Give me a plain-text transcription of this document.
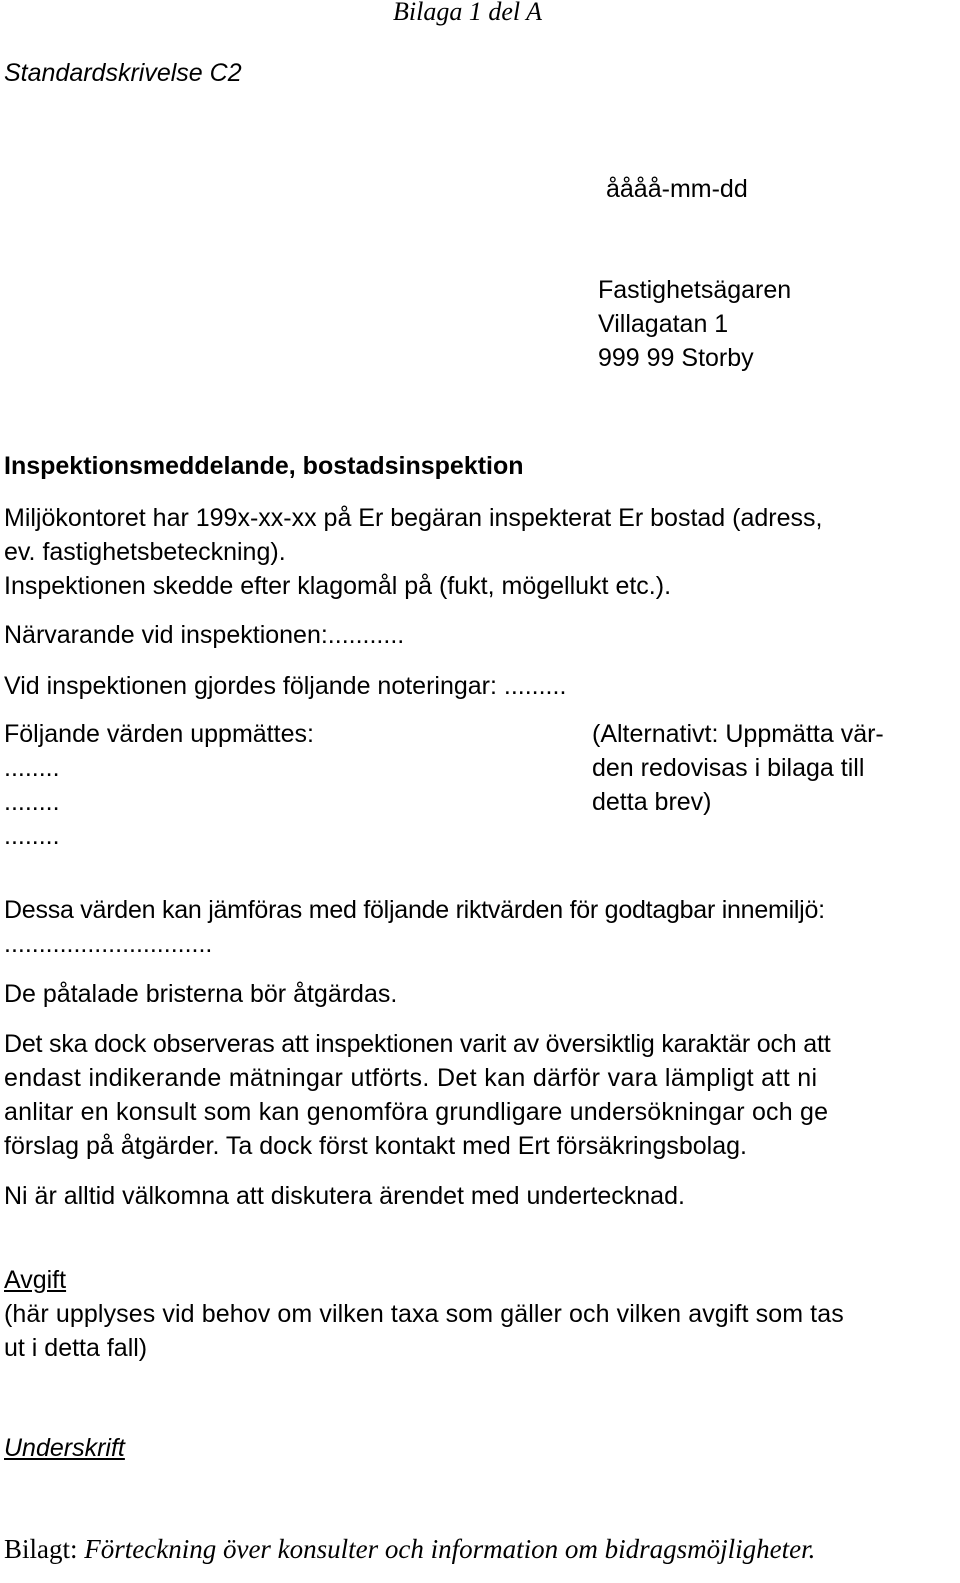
Bilaga 1 del A
Standardskrivelse C2
åååå-mm-dd
Fastighetsägaren
Villagatan 1
999 99 Storby
Inspektionsmeddelande, bostadsinspektion
Miljökontoret har 199x-xx-xx på Er begäran inspekterat Er bostad (adress,
ev. fastighetsbeteckning).
Inspektionen skedde efter klagomål på (fukt, mögellukt etc.).
Närvarande vid inspektionen:...........
Vid inspektionen gjordes följande noteringar: .........
Följande värden uppmättes:
........
........
........
(Alternativt: Uppmätta vär-
den redovisas i bilaga till
detta brev)
Dessa värden kan jämföras med följande riktvärden för godtagbar innemiljö:
..............................
De påtalade bristerna bör åtgärdas.
Det ska dock observeras att inspektionen varit av översiktlig karaktär och att
endast indikerande mätningar utförts. Det kan därför vara lämpligt att ni
anlitar en konsult som kan genomföra grundligare undersökningar och ge
förslag på åtgärder. Ta dock först kontakt med Ert försäkringsbolag.
Ni är alltid välkomna att diskutera ärendet med undertecknad.
Avgift
(här upplyses vid behov om vilken taxa som gäller och vilken avgift som tas
ut i detta fall)
Underskrift
Bilagt: Förteckning över konsulter och information om bidragsmöjligheter.
